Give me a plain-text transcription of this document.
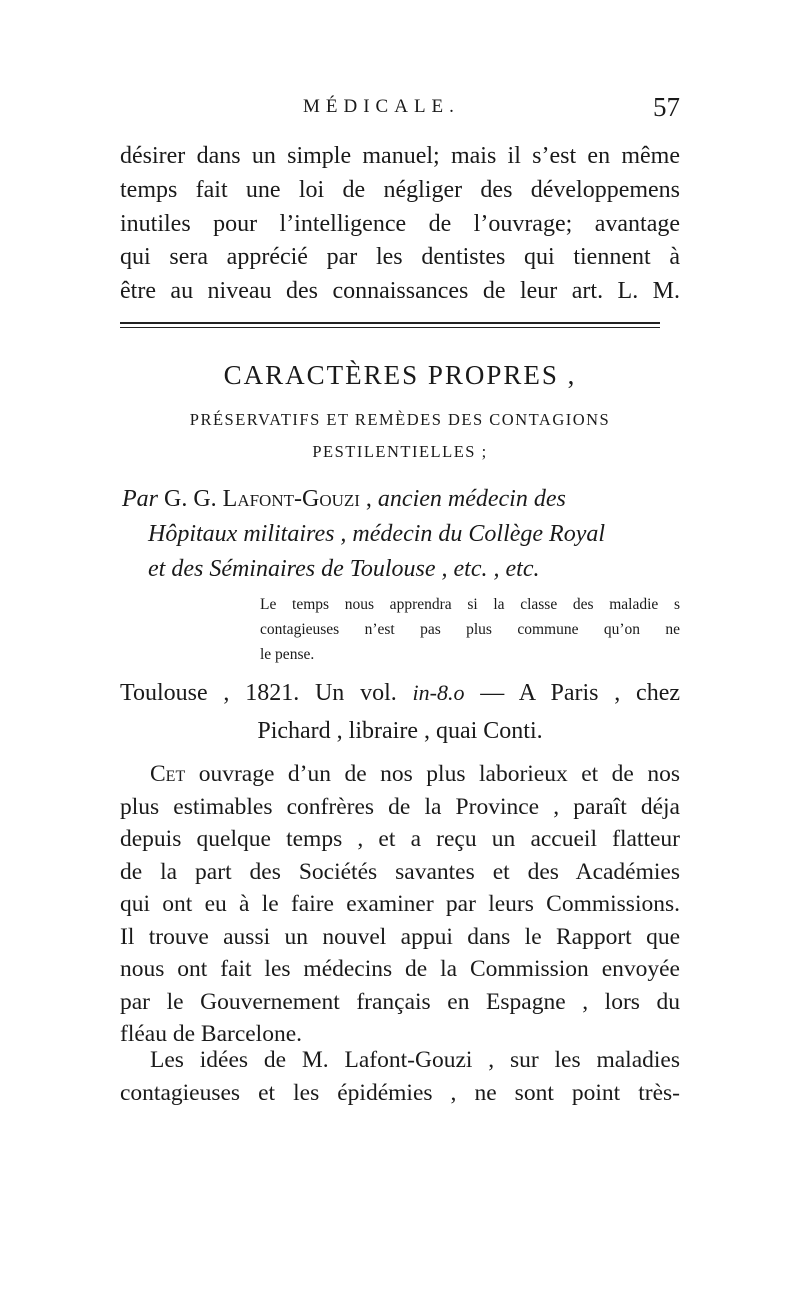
MÉDICALE.	57
désirer dans un simple manuel; mais il s’est en même
temps fait une loi de négliger des développemens
inutiles pour l’intelligence de l’ouvrage; avantage
qui sera apprécié par les dentistes qui tiennent à
être au niveau des connaissances de leur art. L. M.
CARACTÈRES PROPRES ,
PRÉSERVATIFS ET REMÈDES DES CONTAGIONS
PESTILENTIELLES ;
Par G. G. Lafont-Gouzi , ancien médecin des
Hôpitaux militaires , médecin du Collège Royal
et des Séminaires de Toulouse , etc. , etc.
Le temps nous apprendra si la classe des maladie s
contagieuses n’est pas plus commune qu’on ne
le pense.
Toulouse , 1821. Un vol. in-8.o — A Paris , chez
Pichard , libraire , quai Conti.
Cet ouvrage d’un de nos plus laborieux et de nos
plus estimables confrères de la Province , paraît déja
depuis quelque temps , et a reçu un accueil flatteur
de la part des Sociétés savantes et des Académies
qui ont eu à le faire examiner par leurs Commissions.
Il trouve aussi un nouvel appui dans le Rapport que
nous ont fait les médecins de la Commission envoyée
par le Gouvernement français en Espagne , lors du
fléau de Barcelone.
Les idées de M. Lafont-Gouzi , sur les maladies
contagieuses et les épidémies , ne sont point très-
